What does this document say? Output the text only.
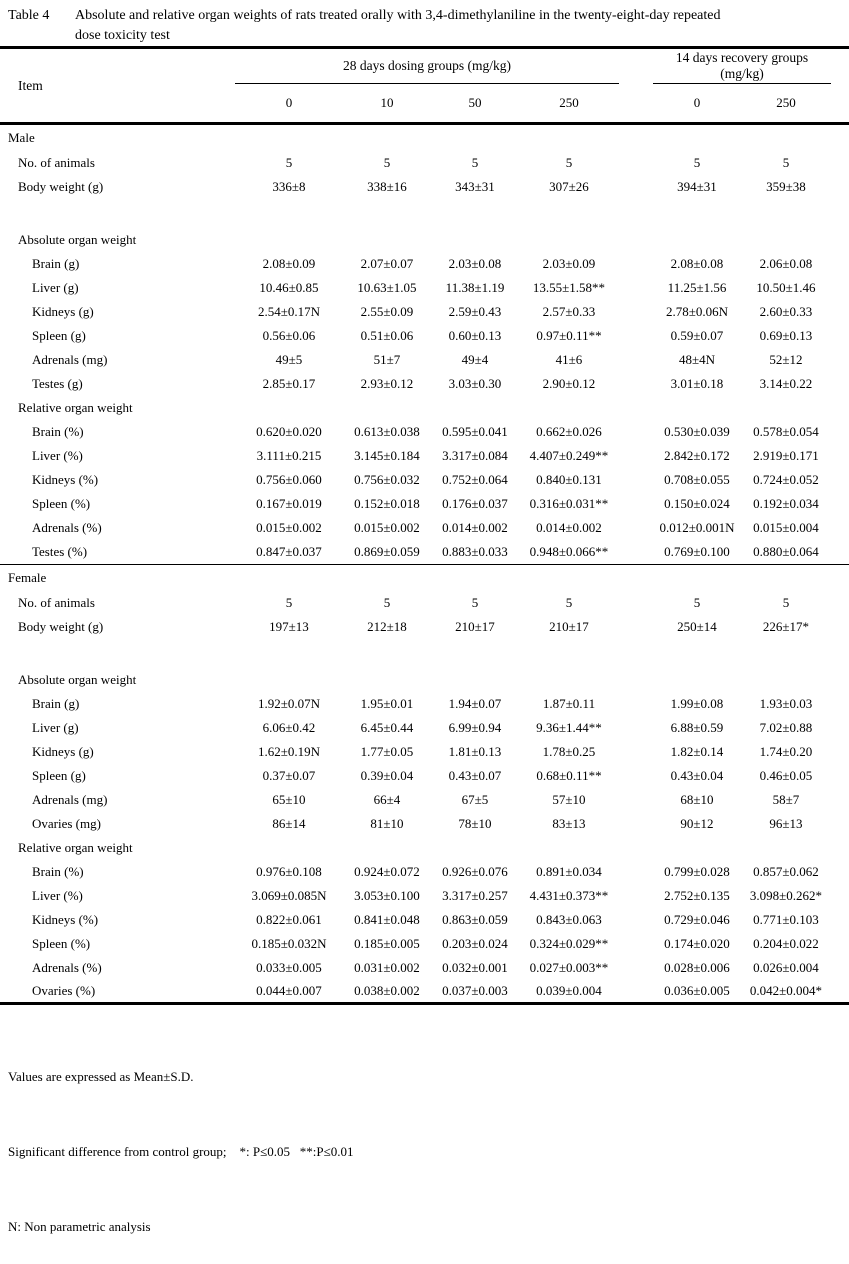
Table 4	Absolute and relative organ weights of rats treated orally with 3,4-dimethylaniline in the twenty-eight-day repeated
dose toxicity test
Item	28 days dosing groups (mg/kg)					14 days recovery groups (mg/kg)		
	0	10	50	250		0	250	
Male								
No. of animals	5	5	5	5		5	5	
Body weight (g)	336±8	338±16	343±31	307±26		394±31	359±38	

Absolute organ weight								
Brain (g)	2.08±0.09	2.07±0.07	2.03±0.08	2.03±0.09		2.08±0.08	2.06±0.08	
Liver (g)	10.46±0.85	10.63±1.05	11.38±1.19	13.55±1.58**		11.25±1.56	10.50±1.46	
Kidneys (g)	2.54±0.17N	2.55±0.09	2.59±0.43	2.57±0.33		2.78±0.06N	2.60±0.33	
Spleen (g)	0.56±0.06	0.51±0.06	0.60±0.13	0.97±0.11**		0.59±0.07	0.69±0.13	
Adrenals (mg)	49±5	51±7	49±4	41±6		48±4N	52±12	
Testes (g)	2.85±0.17	2.93±0.12	3.03±0.30	2.90±0.12		3.01±0.18	3.14±0.22	
Relative organ weight								
Brain (%)	0.620±0.020	0.613±0.038	0.595±0.041	0.662±0.026		0.530±0.039	0.578±0.054	
Liver (%)	3.111±0.215	3.145±0.184	3.317±0.084	4.407±0.249**		2.842±0.172	2.919±0.171	
Kidneys (%)	0.756±0.060	0.756±0.032	0.752±0.064	0.840±0.131		0.708±0.055	0.724±0.052	
Spleen (%)	0.167±0.019	0.152±0.018	0.176±0.037	0.316±0.031**		0.150±0.024	0.192±0.034	
Adrenals (%)	0.015±0.002	0.015±0.002	0.014±0.002	0.014±0.002		0.012±0.001N	0.015±0.004	
Testes (%)	0.847±0.037	0.869±0.059	0.883±0.033	0.948±0.066**		0.769±0.100	0.880±0.064	
Female								
No. of animals	5	5	5	5		5	5	
Body weight (g)	197±13	212±18	210±17	210±17		250±14	226±17*	

Absolute organ weight								
Brain (g)	1.92±0.07N	1.95±0.01	1.94±0.07	1.87±0.11		1.99±0.08	1.93±0.03	
Liver (g)	6.06±0.42	6.45±0.44	6.99±0.94	9.36±1.44**		6.88±0.59	7.02±0.88	
Kidneys (g)	1.62±0.19N	1.77±0.05	1.81±0.13	1.78±0.25		1.82±0.14	1.74±0.20	
Spleen (g)	0.37±0.07	0.39±0.04	0.43±0.07	0.68±0.11**		0.43±0.04	0.46±0.05	
Adrenals (mg)	65±10	66±4	67±5	57±10		68±10	58±7	
Ovaries (mg)	86±14	81±10	78±10	83±13		90±12	96±13	
Relative organ weight								
Brain (%)	0.976±0.108	0.924±0.072	0.926±0.076	0.891±0.034		0.799±0.028	0.857±0.062	
Liver (%)	3.069±0.085N	3.053±0.100	3.317±0.257	4.431±0.373**		2.752±0.135	3.098±0.262*	
Kidneys (%)	0.822±0.061	0.841±0.048	0.863±0.059	0.843±0.063		0.729±0.046	0.771±0.103	
Spleen (%)	0.185±0.032N	0.185±0.005	0.203±0.024	0.324±0.029**		0.174±0.020	0.204±0.022	
Adrenals (%)	0.033±0.005	0.031±0.002	0.032±0.001	0.027±0.003**		0.028±0.006	0.026±0.004	
Ovaries (%)	0.044±0.007	0.038±0.002	0.037±0.003	0.039±0.004		0.036±0.005	0.042±0.004*	

Values are expressed as Mean±S.D.

Significant difference from control group;    *: P≤0.05   **:P≤0.01

N: Non parametric analysis
